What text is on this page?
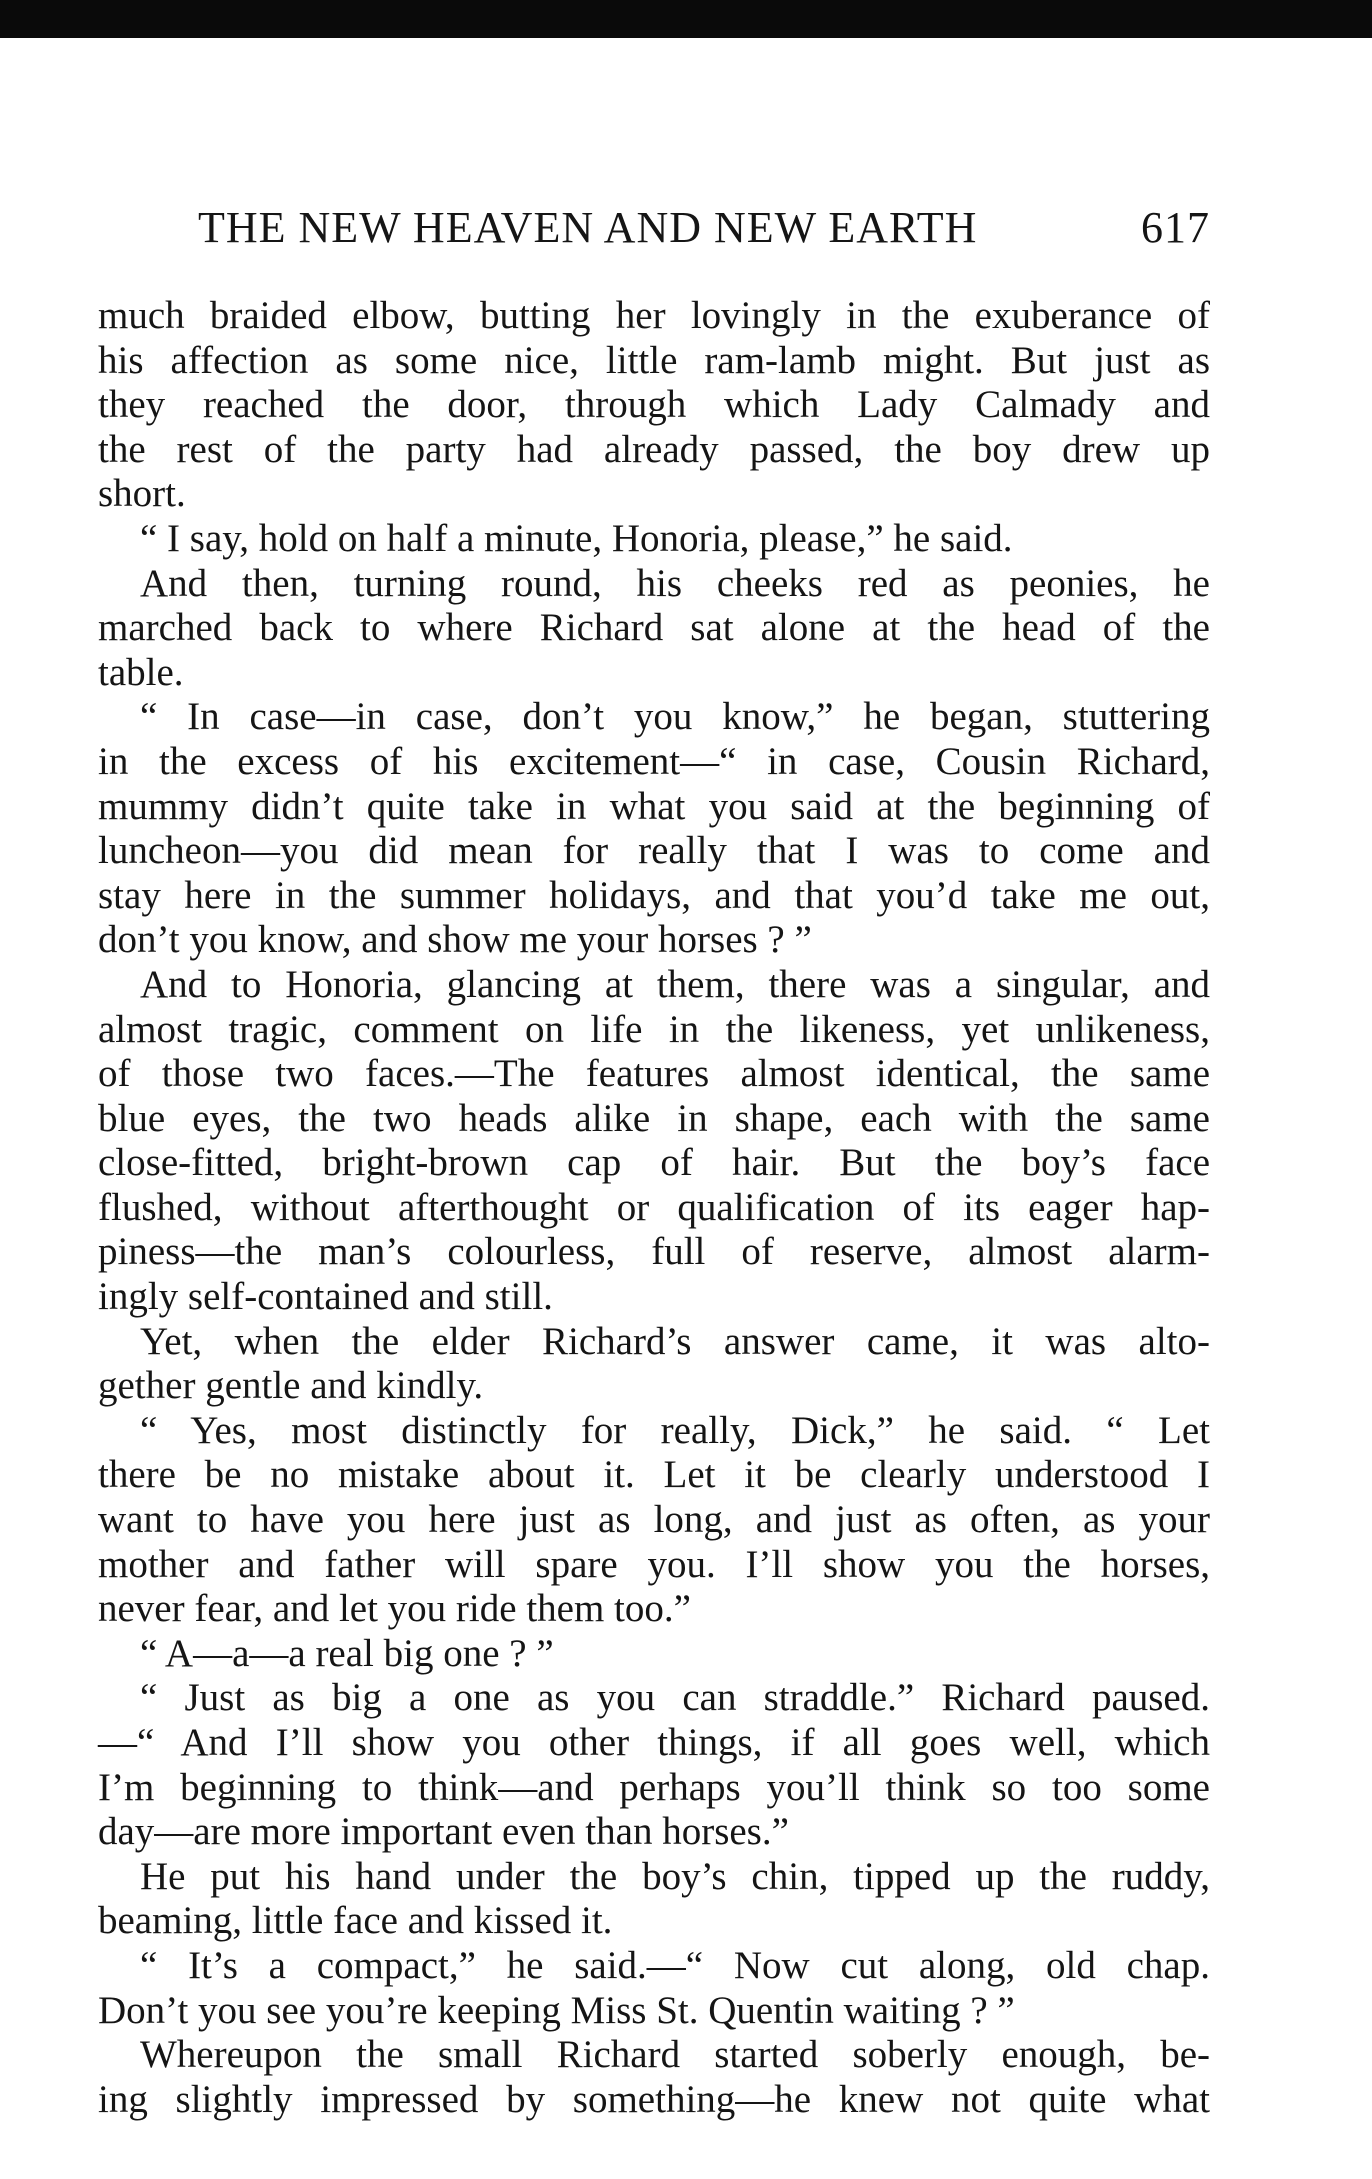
THE NEW HEAVEN AND NEW EARTH	617
much braided elbow, butting her lovingly in the exuberance of
his affection as some nice, little ram-lamb might. But just as
they reached the door, through which Lady Calmady and
the rest of the party had already passed, the boy drew up
short.
“ I say, hold on half a minute, Honoria, please,” he said.
And then, turning round, his cheeks red as peonies, he
marched back to where Richard sat alone at the head of the
table.
“ In case—in case, don’t you know,” he began, stuttering
in the excess of his excitement—“ in case, Cousin Richard,
mummy didn’t quite take in what you said at the beginning of
luncheon—you did mean for really that I was to come and
stay here in the summer holidays, and that you’d take me out,
don’t you know, and show me your horses ? ”
And to Honoria, glancing at them, there was a singular, and
almost tragic, comment on life in the likeness, yet unlikeness,
of those two faces.—The features almost identical, the same
blue eyes, the two heads alike in shape, each with the same
close-fitted, bright-brown cap of hair. But the boy’s face
flushed, without afterthought or qualification of its eager hap-
piness—the man’s colourless, full of reserve, almost alarm-
ingly self-contained and still.
Yet, when the elder Richard’s answer came, it was alto-
gether gentle and kindly.
“ Yes, most distinctly for really, Dick,” he said. “ Let
there be no mistake about it. Let it be clearly understood I
want to have you here just as long, and just as often, as your
mother and father will spare you. I’ll show you the horses,
never fear, and let you ride them too.”
“ A—a—a real big one ? ”
“ Just as big a one as you can straddle.” Richard paused.
—“ And I’ll show you other things, if all goes well, which
I’m beginning to think—and perhaps you’ll think so too some
day—are more important even than horses.”
He put his hand under the boy’s chin, tipped up the ruddy,
beaming, little face and kissed it.
“ It’s a compact,” he said.—“ Now cut along, old chap.
Don’t you see you’re keeping Miss St. Quentin waiting ? ”
Whereupon the small Richard started soberly enough, be-
ing slightly impressed by something—he knew not quite what
